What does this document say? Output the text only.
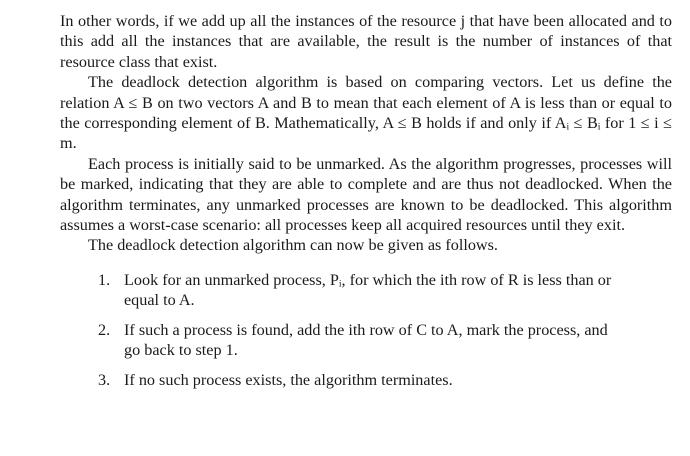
In other words, if we add up all the instances of the resource j that have been allocated and to this add all the instances that are available, the result is the number of instances of that resource class that exist.

The deadlock detection algorithm is based on comparing vectors. Let us define the relation A ≤ B on two vectors A and B to mean that each element of A is less than or equal to the corresponding element of B. Mathematically, A ≤ B holds if and only if Aᵢ ≤ Bᵢ for 1 ≤ i ≤ m.

Each process is initially said to be unmarked. As the algorithm progresses, processes will be marked, indicating that they are able to complete and are thus not deadlocked. When the algorithm terminates, any unmarked processes are known to be deadlocked. This algorithm assumes a worst-case scenario: all processes keep all acquired resources until they exit.

The deadlock detection algorithm can now be given as follows.

1. Look for an unmarked process, Pᵢ, for which the ith row of R is less than or equal to A.
2. If such a process is found, add the ith row of C to A, mark the process, and go back to step 1.
3. If no such process exists, the algorithm terminates.
